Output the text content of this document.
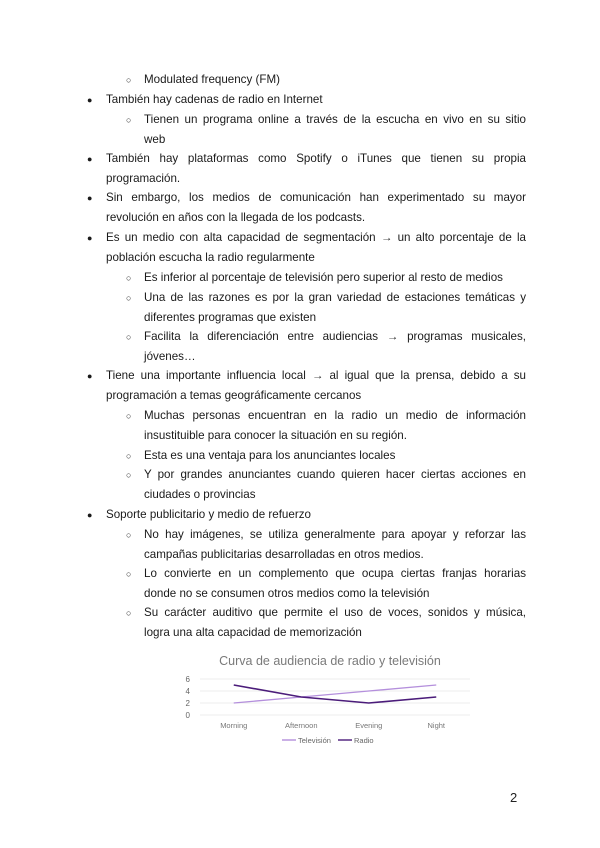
○ Modulated frequency (FM)
● También hay cadenas de radio en Internet
○ Tienen un programa online a través de la escucha en vivo en su sitio
web
● También hay plataformas como Spotify o iTunes que tienen su propia
programación.
● Sin embargo, los medios de comunicación han experimentado su mayor
revolución en años con la llegada de los podcasts.
● Es un medio con alta capacidad de segmentación → un alto porcentaje de la
población escucha la radio regularmente
○ Es inferior al porcentaje de televisión pero superior al resto de medios
○ Una de las razones es por la gran variedad de estaciones temáticas y
diferentes programas que existen
○ Facilita la diferenciación entre audiencias → programas musicales,
jóvenes…
● Tiene una importante influencia local → al igual que la prensa, debido a su
programación a temas geográficamente cercanos
○ Muchas personas encuentran en la radio un medio de información
insustituible para conocer la situación en su región.
○ Esta es una ventaja para los anunciantes locales
○ Y por grandes anunciantes cuando quieren hacer ciertas acciones en
ciudades o provincias
● Soporte publicitario y medio de refuerzo
○ No hay imágenes, se utiliza generalmente para apoyar y reforzar las
campañas publicitarias desarrolladas en otros medios.
○ Lo convierte en un complemento que ocupa ciertas franjas horarias
donde no se consumen otros medios como la televisión
○ Su carácter auditivo que permite el uso de voces, sonidos y música,
logra una alta capacidad de memorización
Curva de audiencia de radio y televisión
0
2
4
6
Morning	Afternoon	Evening	Night
Televisión	Radio
2
